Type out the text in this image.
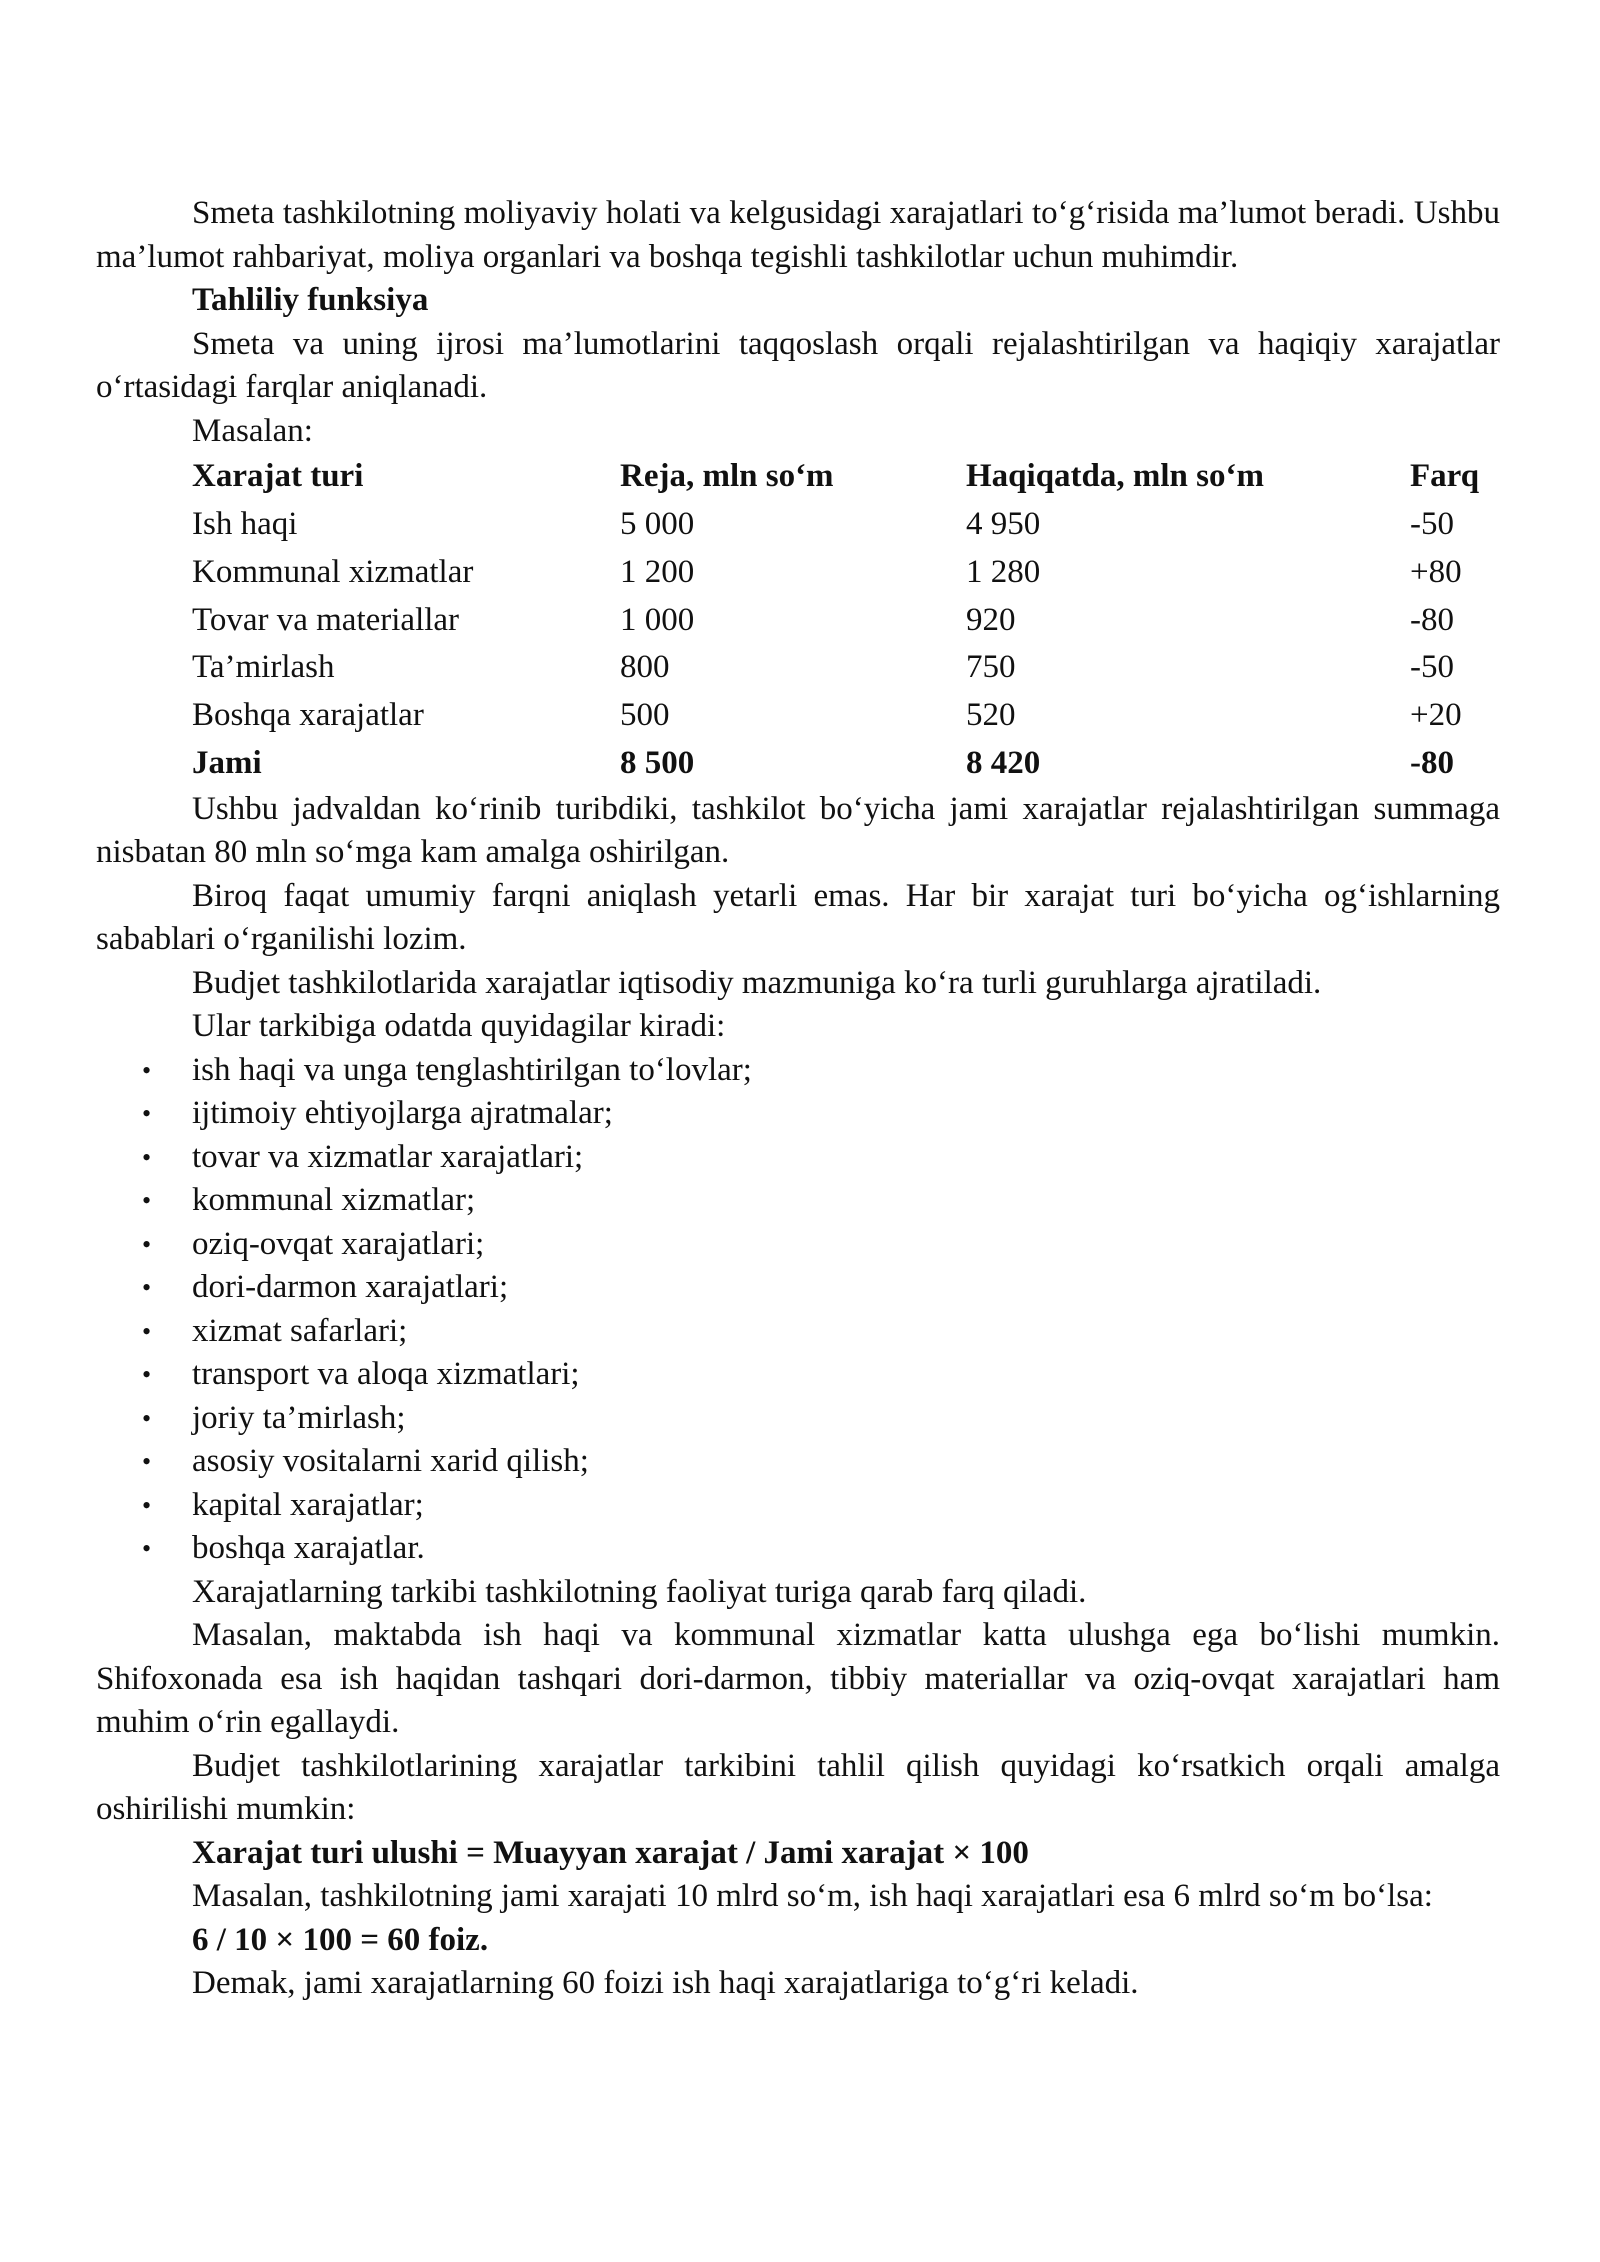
Smeta tashkilotning moliyaviy holati va kelgusidagi xarajatlari to‘g‘risida ma’lumot beradi. Ushbu ma’lumot rahbariyat, moliya organlari va boshqa tegishli tashkilotlar uchun muhimdir.

Tahliliy funksiya

Smeta va uning ijrosi ma’lumotlarini taqqoslash orqali rejalashtirilgan va haqiqiy xarajatlar o‘rtasidagi farqlar aniqlanadi.

Masalan:

Xarajat turi	Reja, mln so‘m	Haqiqatda, mln so‘m	Farq
Ish haqi	5 000	4 950	-50
Kommunal xizmatlar	1 200	1 280	+80
Tovar va materiallar	1 000	920	-80
Ta’mirlash	800	750	-50
Boshqa xarajatlar	500	520	+20
Jami	8 500	8 420	-80

Ushbu jadvaldan ko‘rinib turibdiki, tashkilot bo‘yicha jami xarajatlar rejalashtirilgan summaga nisbatan 80 mln so‘mga kam amalga oshirilgan.

Biroq faqat umumiy farqni aniqlash yetarli emas. Har bir xarajat turi bo‘yicha og‘ishlarning sabablari o‘rganilishi lozim.

Budjet tashkilotlarida xarajatlar iqtisodiy mazmuniga ko‘ra turli guruhlarga ajratiladi.

Ular tarkibiga odatda quyidagilar kiradi:

• ish haqi va unga tenglashtirilgan to‘lovlar;
• ijtimoiy ehtiyojlarga ajratmalar;
• tovar va xizmatlar xarajatlari;
• kommunal xizmatlar;
• oziq-ovqat xarajatlari;
• dori-darmon xarajatlari;
• xizmat safarlari;
• transport va aloqa xizmatlari;
• joriy ta’mirlash;
• asosiy vositalarni xarid qilish;
• kapital xarajatlar;
• boshqa xarajatlar.

Xarajatlarning tarkibi tashkilotning faoliyat turiga qarab farq qiladi.

Masalan, maktabda ish haqi va kommunal xizmatlar katta ulushga ega bo‘lishi mumkin. Shifoxonada esa ish haqidan tashqari dori-darmon, tibbiy materiallar va oziq-ovqat xarajatlari ham muhim o‘rin egallaydi.

Budjet tashkilotlarining xarajatlar tarkibini tahlil qilish quyidagi ko‘rsatkich orqali amalga oshirilishi mumkin:

Xarajat turi ulushi = Muayyan xarajat / Jami xarajat × 100

Masalan, tashkilotning jami xarajati 10 mlrd so‘m, ish haqi xarajatlari esa 6 mlrd so‘m bo‘lsa:

6 / 10 × 100 = 60 foiz.

Demak, jami xarajatlarning 60 foizi ish haqi xarajatlariga to‘g‘ri keladi.
